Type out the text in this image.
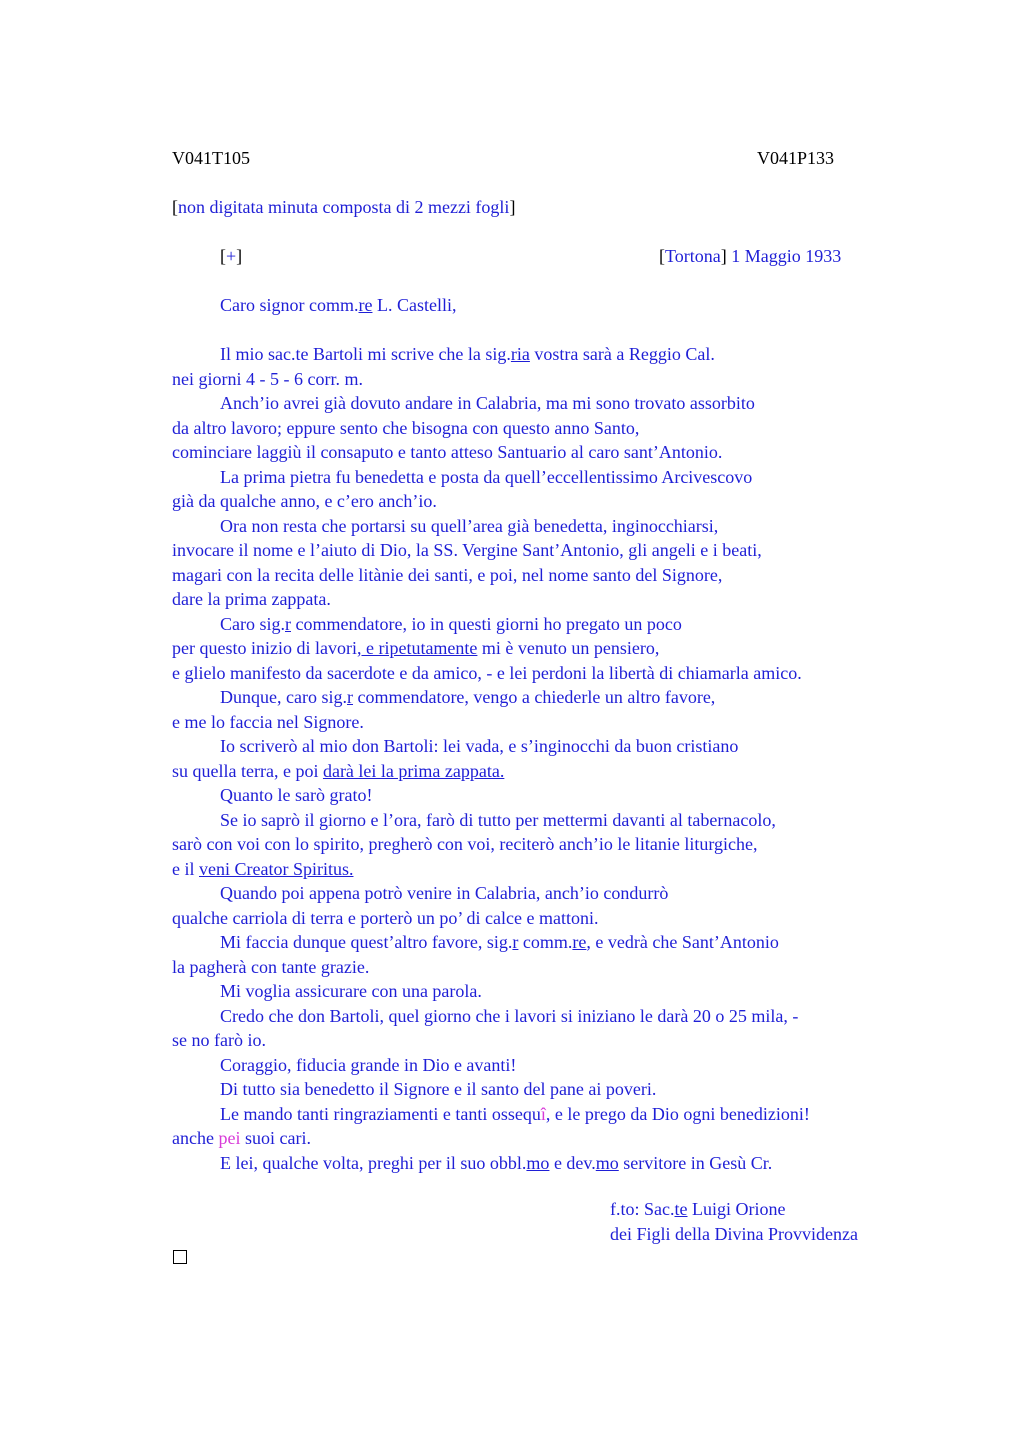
V041T105	V041P133
[non digitata minuta composta di 2 mezzi fogli]
[+]	[Tortona] 1 Maggio 1933
Caro signor comm.re L. Castelli,
Il mio sac.te Bartoli mi scrive che la sig.ria vostra sarà a Reggio Cal.
nei giorni 4 - 5 - 6 corr. m.
Anch’io avrei già dovuto andare in Calabria, ma mi sono trovato assorbito
da altro lavoro; eppure sento che bisogna con questo anno Santo,
cominciare laggiù il consaputo e tanto atteso Santuario al caro sant’Antonio.
La prima pietra fu benedetta e posta da quell’eccellentissimo Arcivescovo
già da qualche anno, e c’ero anch’io.
Ora non resta che portarsi su quell’area già benedetta, inginocchiarsi,
invocare il nome e l’aiuto di Dio, la SS. Vergine Sant’Antonio, gli angeli e i beati,
magari con la recita delle litànie dei santi, e poi, nel nome santo del Signore,
dare la prima zappata.
Caro sig.r commendatore, io in questi giorni ho pregato un poco
per questo inizio di lavori, e ripetutamente mi è venuto un pensiero,
e glielo manifesto da sacerdote e da amico, - e lei perdoni la libertà di chiamarla amico.
Dunque, caro sig.r commendatore, vengo a chiederle un altro favore,
e me lo faccia nel Signore.
Io scriverò al mio don Bartoli: lei vada, e s’inginocchi da buon cristiano
su quella terra, e poi darà lei la prima zappata.
Quanto le sarò grato!
Se io saprò il giorno e l’ora, farò di tutto per mettermi davanti al tabernacolo,
sarò con voi con lo spirito, pregherò con voi, reciterò anch’io le litanie liturgiche,
e il veni Creator Spiritus.
Quando poi appena potrò venire in Calabria, anch’io condurrò
qualche carriola di terra e porterò un po’ di calce e mattoni.
Mi faccia dunque quest’altro favore, sig.r comm.re, e vedrà che Sant’Antonio
la pagherà con tante grazie.
Mi voglia assicurare con una parola.
Credo che don Bartoli, quel giorno che i lavori si iniziano le darà 20 o 25 mila, -
se no farò io.
Coraggio, fiducia grande in Dio e avanti!
Di tutto sia benedetto il Signore e il santo del pane ai poveri.
Le mando tanti ringraziamenti e tanti ossequî, e le prego da Dio ogni benedizioni!
anche pei suoi cari.
E lei, qualche volta, preghi per il suo obbl.mo e dev.mo servitore in Gesù Cr.
f.to: Sac.te Luigi Orione
dei Figli della Divina Provvidenza
